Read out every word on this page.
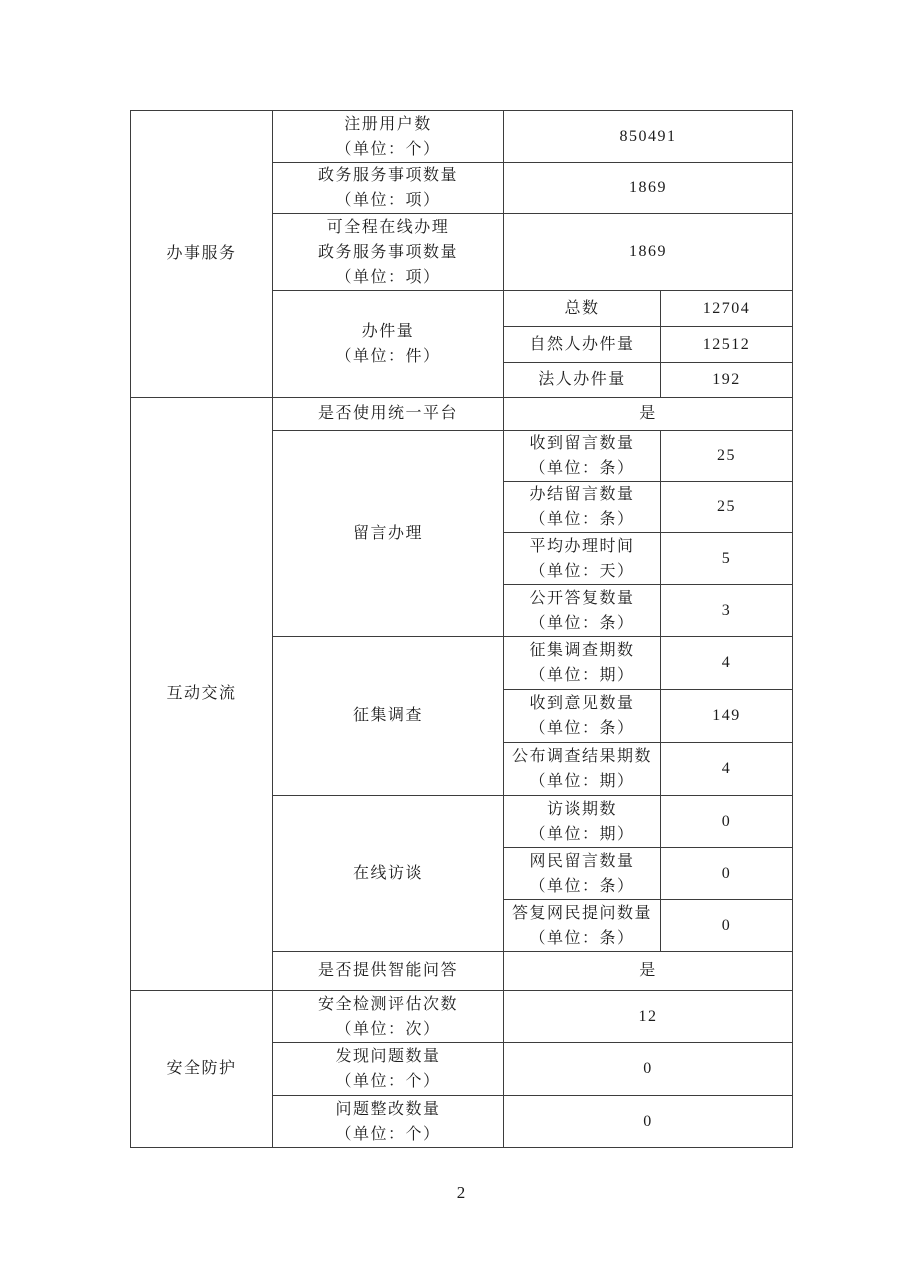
办事服务	注册用户数
（单位：个）	850491	

	政务服务事项数量
（单位：项）	1869	

	可全程在线办理
政务服务事项数量
（单位：项）	1869	

	办件量
（单位：件）	总数	12704
		自然人办件量	12512
		法人办件量	192
互动交流	是否使用统一平台	是	
	留言办理	收到留言数量
（单位：条）	25

		办结留言数量
（单位：条）	25

		平均办理时间
（单位：天）	5

		公开答复数量
（单位：条）	3
	征集调查	征集调查期数
（单位：期）	4

		收到意见数量
（单位：条）	149

		公布调查结果期数
（单位：期）	4
	在线访谈	访谈期数
（单位：期）	0

		网民留言数量
（单位：条）	0

		答复网民提问数量
（单位：条）	0
	是否提供智能问答	是	
安全防护	安全检测评估次数
（单位：次）	12	

	发现问题数量
（单位：个）	0	

	问题整改数量
（单位：个）	0	
2
